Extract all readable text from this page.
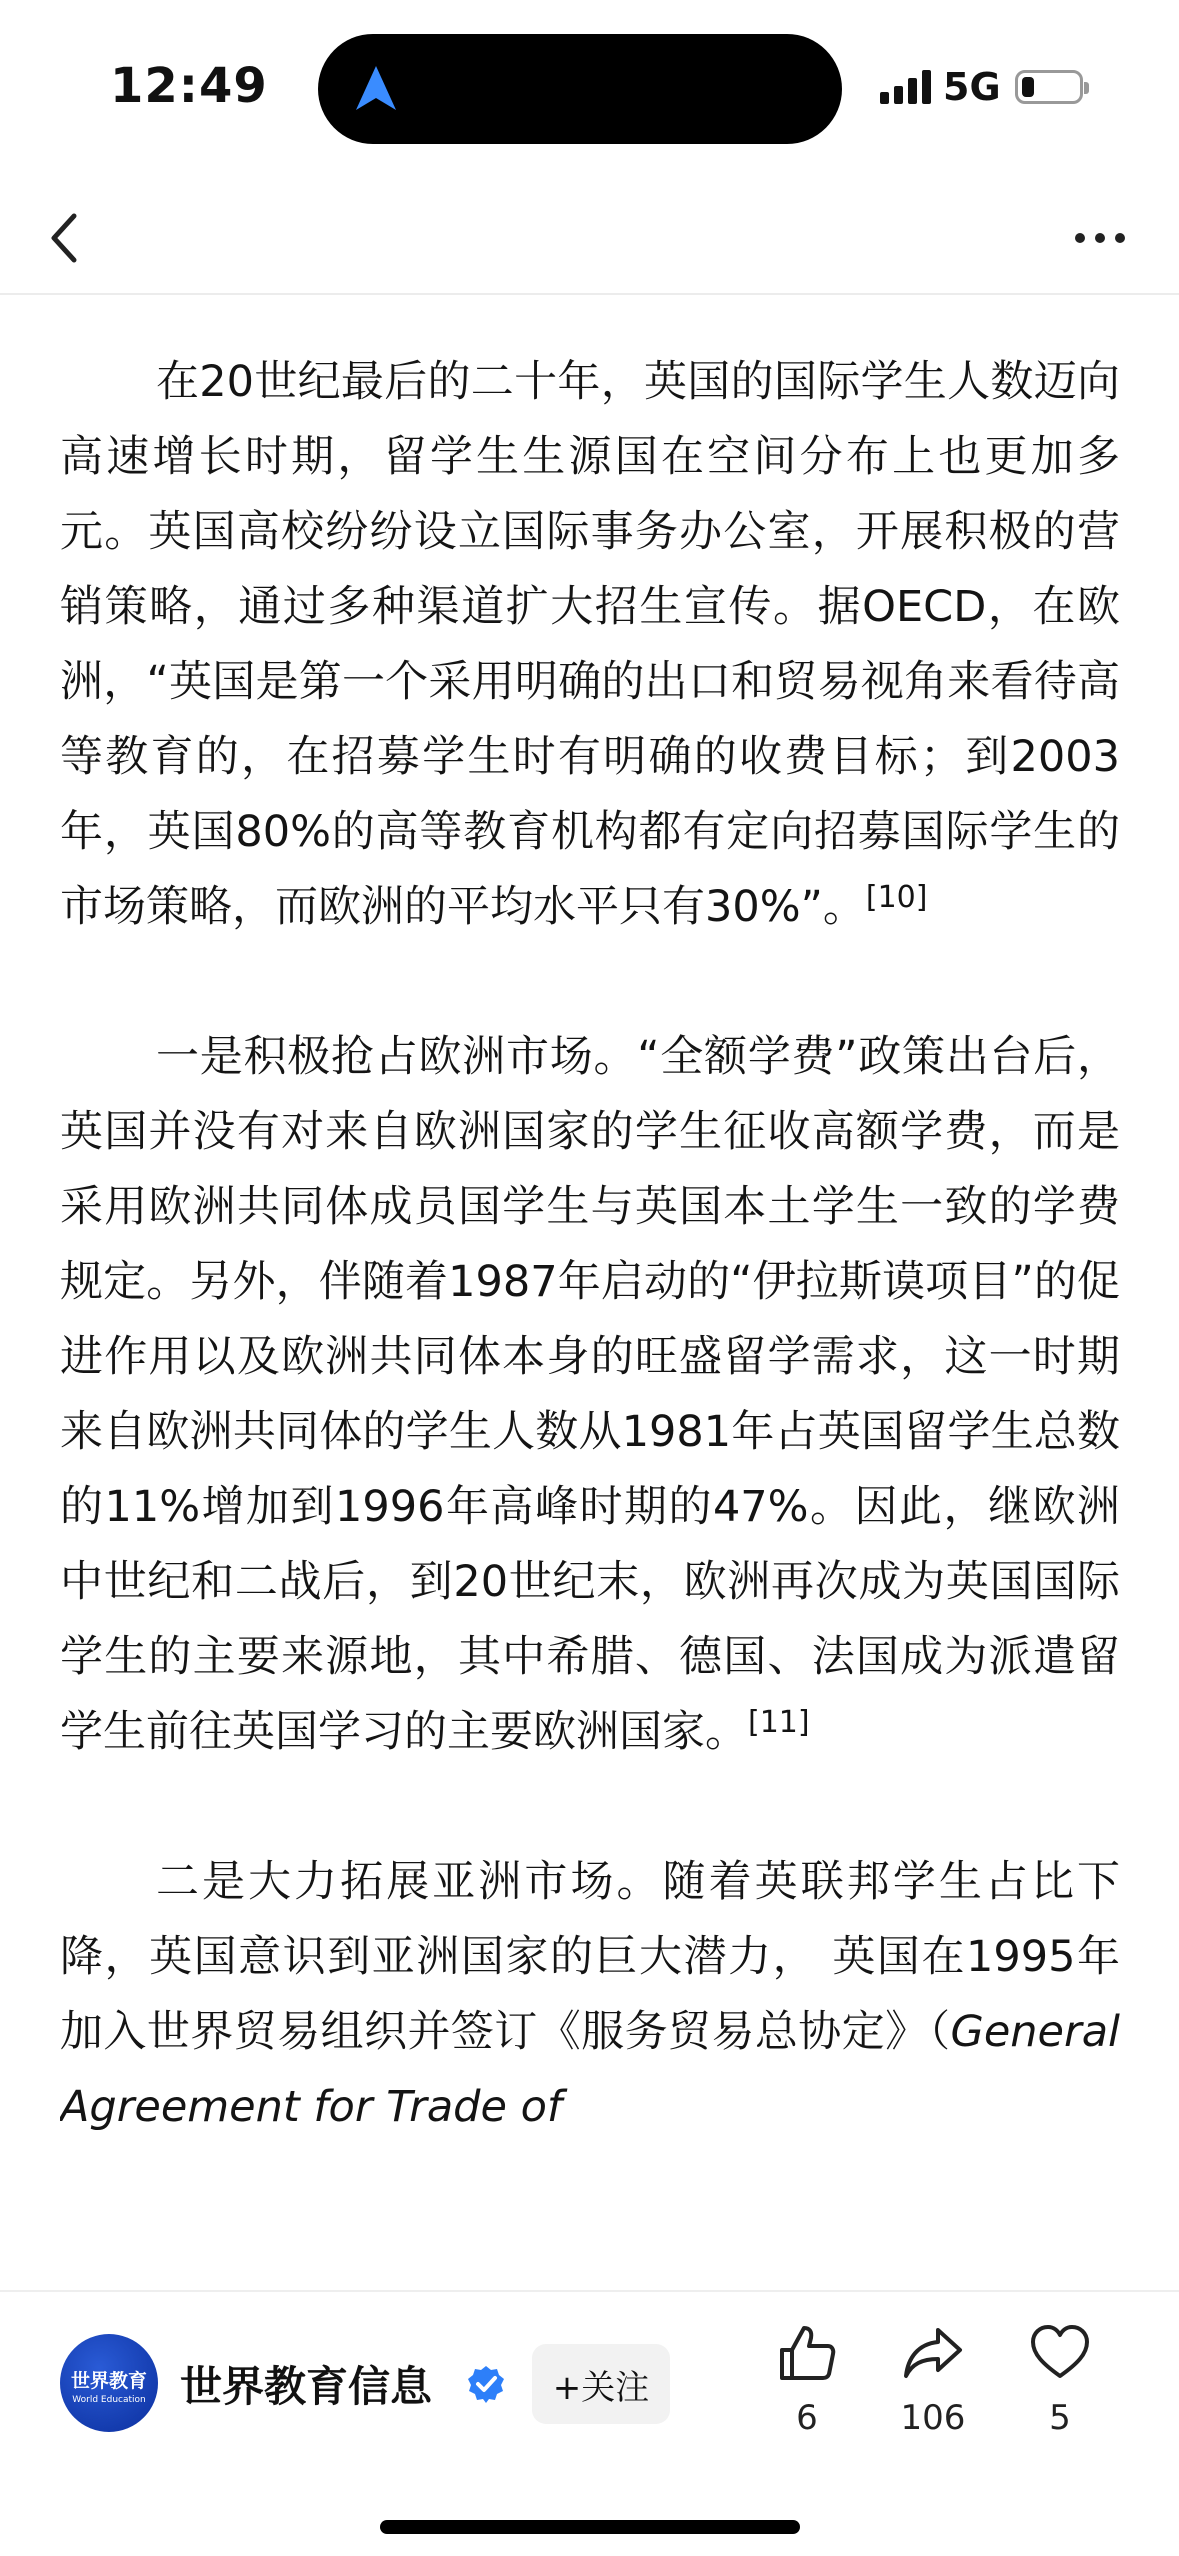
12:49	5G

在20世纪最后的二十年，英国的国际学生人数迈向高速增长时期，留学生生源国在空间分布上也更加多元。英国高校纷纷设立国际事务办公室，开展积极的营销策略，通过多种渠道扩大招生宣传。据OECD，在欧洲，“英国是第一个采用明确的出口和贸易视角来看待高等教育的，在招募学生时有明确的收费目标；到2003年，英国80%的高等教育机构都有定向招募国际学生的市场策略，而欧洲的平均水平只有30%”。[10]

一是积极抢占欧洲市场。“全额学费”政策出台后，英国并没有对来自欧洲国家的学生征收高额学费，而是采用欧洲共同体成员国学生与英国本土学生一致的学费规定。另外，伴随着1987年启动的“伊拉斯谟项目”的促进作用以及欧洲共同体本身的旺盛留学需求，这一时期来自欧洲共同体的学生人数从1981年占英国留学生总数的11%增加到1996年高峰时期的47%。因此，继欧洲中世纪和二战后，到20世纪末，欧洲再次成为英国国际学生的主要来源地，其中希腊、德国、法国成为派遣留学生前往英国学习的主要欧洲国家。[11]

二是大力拓展亚洲市场。随着英联邦学生占比下降，英国意识到亚洲国家的巨大潜力， 英国在1995年加入世界贸易组织并签订《服务贸易总协定》（General Agreement for Trade of

世界教育
World Education 世界教育信息	+关注
6	106	5
